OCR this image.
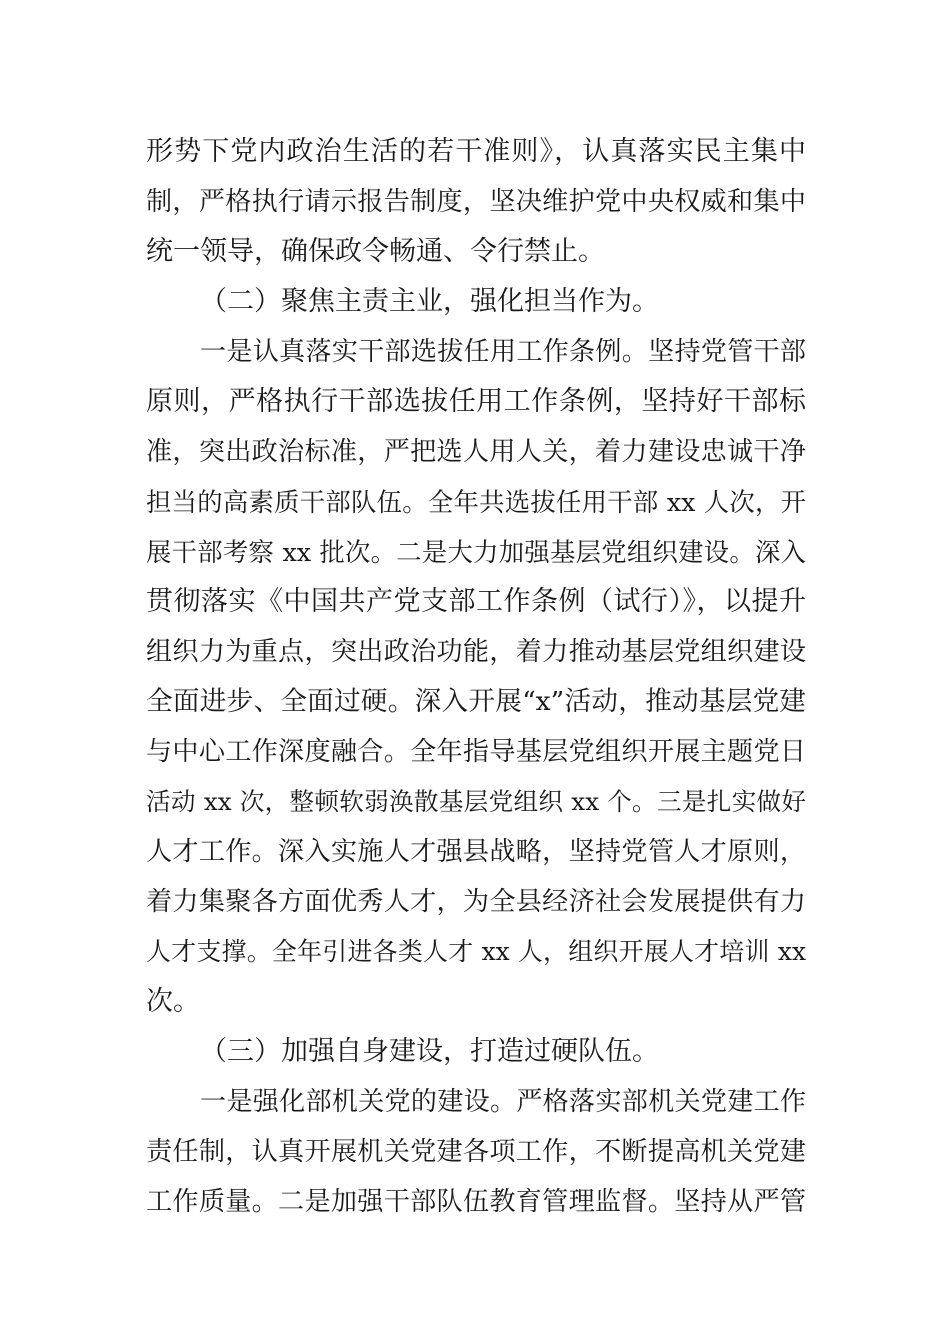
形势下党内政治生活的若干准则》，认真落实民主集中
制，严格执行请示报告制度，坚决维护党中央权威和集中
统一领导，确保政令畅通、令行禁止。
（二）聚焦主责主业，强化担当作为。
一是认真落实干部选拔任用工作条例。坚持党管干部
原则，严格执行干部选拔任用工作条例，坚持好干部标
准，突出政治标准，严把选人用人关，着力建设忠诚干净
担当的高素质干部队伍。全年共选拔任用干部 xx 人次，开
展干部考察 xx 批次。二是大力加强基层党组织建设。深入
贯彻落实《中国共产党支部工作条例（试行）》，以提升
组织力为重点，突出政治功能，着力推动基层党组织建设
全面进步、全面过硬。深入开展“x”活动，推动基层党建
与中心工作深度融合。全年指导基层党组织开展主题党日
活动 xx 次，整顿软弱涣散基层党组织 xx 个。三是扎实做好
人才工作。深入实施人才强县战略，坚持党管人才原则，
着力集聚各方面优秀人才，为全县经济社会发展提供有力
人才支撑。全年引进各类人才 xx 人，组织开展人才培训 xx
次。
（三）加强自身建设，打造过硬队伍。
一是强化部机关党的建设。严格落实部机关党建工作
责任制，认真开展机关党建各项工作，不断提高机关党建
工作质量。二是加强干部队伍教育管理监督。坚持从严管
